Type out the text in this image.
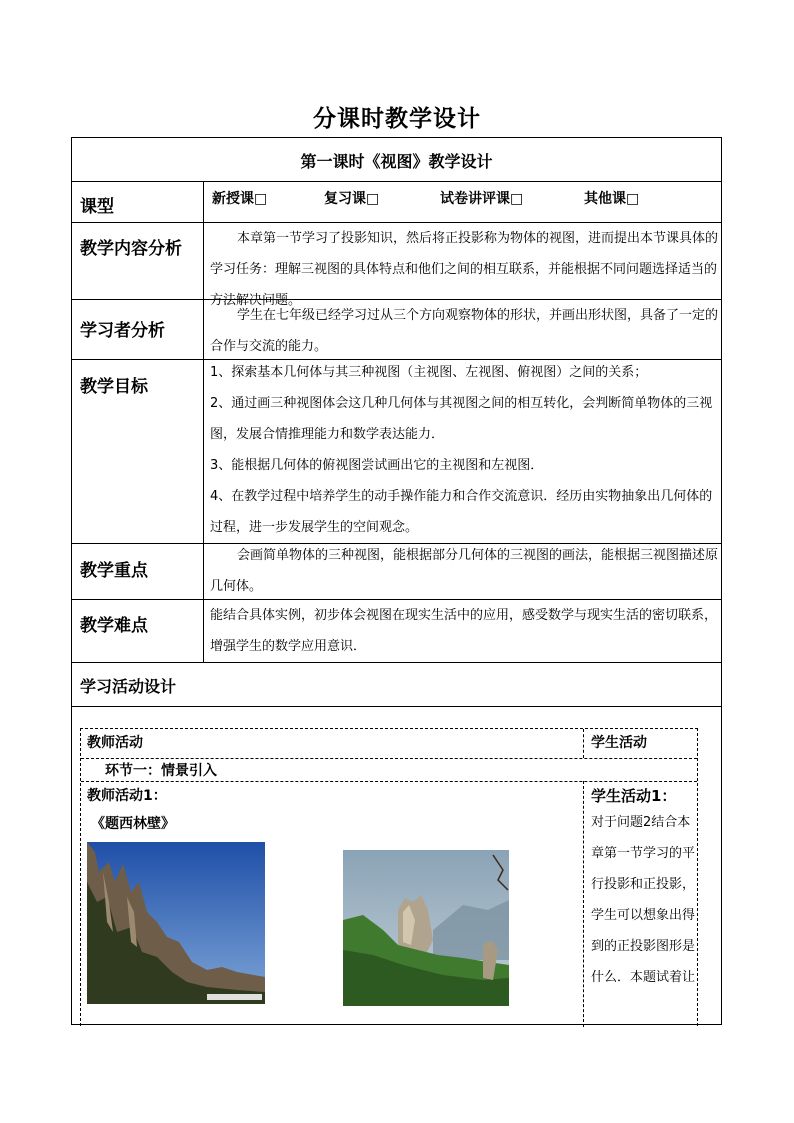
分课时教学设计
第一课时《视图》教学设计
课型	新授课□	复习课□	试卷讲评课□	其他课□
教学内容分析

本章第一节学习了投影知识，然后将正投影称为物体的视图，进而提出本节课具体的学习任务：理解三视图的具体特点和他们之间的相互联系，并能根据不同问题选择适当的方法解决问题。

学习者分析

学生在七年级已经学习过从三个方向观察物体的形状，并画出形状图，具备了一定的合作与交流的能力。

教学目标

1、探索基本几何体与其三种视图（主视图、左视图、俯视图）之间的关系；

2、通过画三种视图体会这几种几何体与其视图之间的相互转化，会判断简单物体的三视图，发展合情推理能力和数学表达能力．

3、能根据几何体的俯视图尝试画出它的主视图和左视图．

4、在教学过程中培养学生的动手操作能力和合作交流意识．经历由实物抽象出几何体的过程，进一步发展学生的空间观念。

教学重点

会画简单物体的三种视图，能根据部分几何体的三视图的画法，能根据三视图描述原几何体。

教学难点

能结合具体实例，初步体会视图在现实生活中的应用，感受数学与现实生活的密切联系，增强学生的数学应用意识．

学习活动设计
教师活动	学生活动
环节一：情景引入
教师活动1：
《题西林壁》
学生活动1：
对于问题2结合本章第一节学习的平行投影和正投影，学生可以想象出得到的正投影图形是什么．本题试着让
